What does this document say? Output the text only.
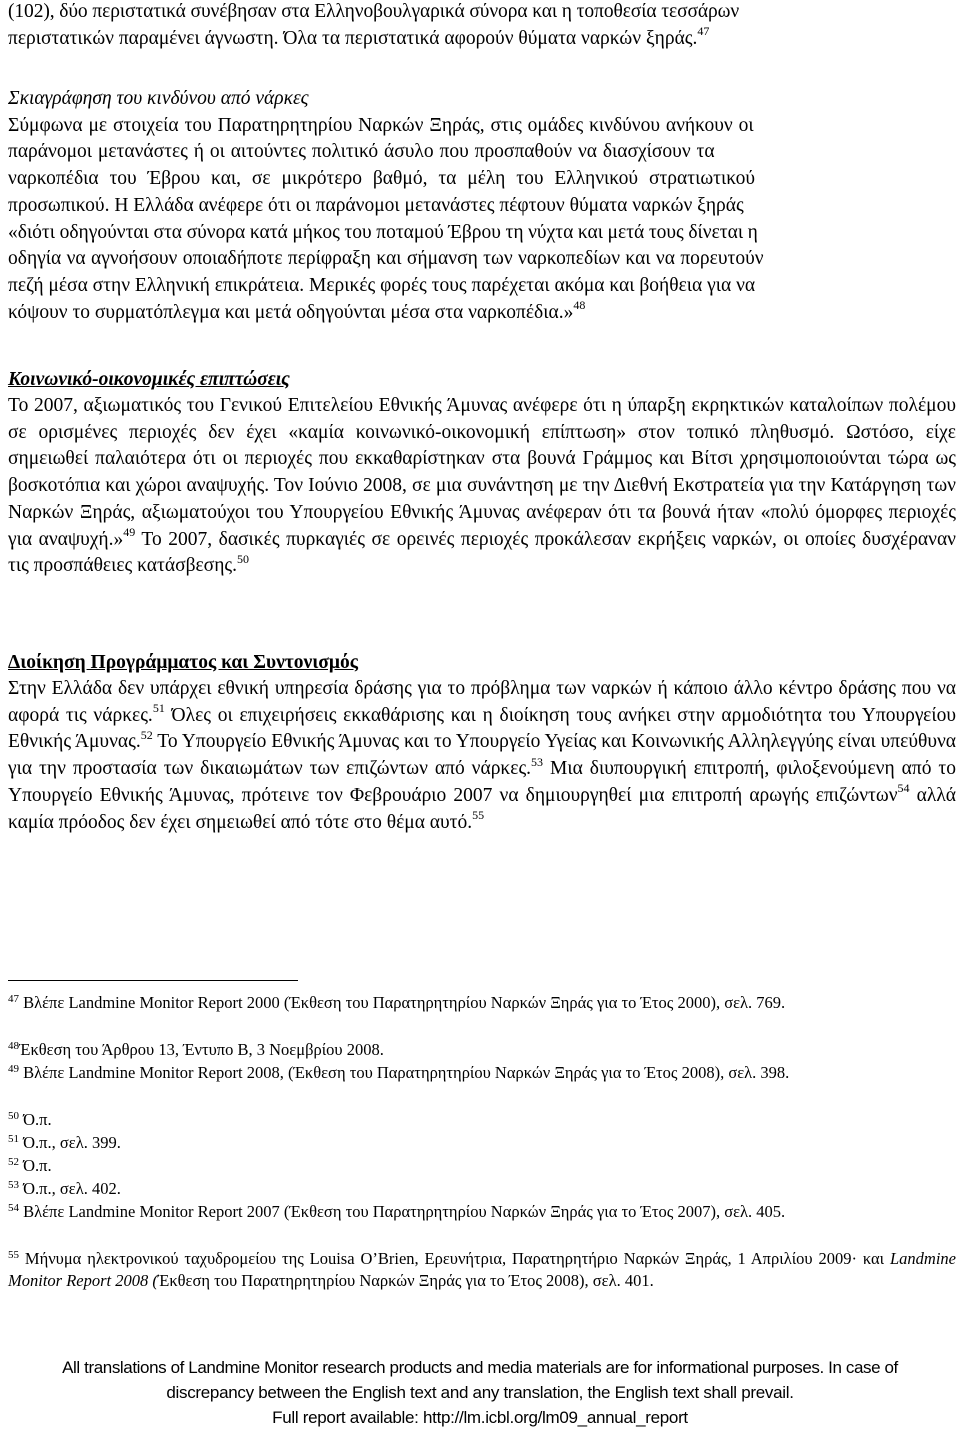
(102), δύο περιστατικά συνέβησαν στα Ελληνοβουλγαρικά σύνορα και η τοποθεσία τεσσάρων
περιστατικών παραμένει άγνωστη. Όλα τα περιστατικά αφορούν θύματα ναρκών ξηράς.$^{47}$
Σκιαγράφηση του κινδύνου από νάρκες
Σύμφωνα με στοιχεία του Παρατηρητηρίου Ναρκών Ξηράς, στις ομάδες κινδύνου ανήκουν οι
παράνομοι μετανάστες ή οι αιτούντες πολιτικό άσυλο που προσπαθούν να διασχίσουν τα
ναρκοπέδια του Έβρου και, σε μικρότερο βαθμό, τα μέλη του Ελληνικού στρατιωτικού
προσωπικού. Η Ελλάδα ανέφερε ότι οι παράνομοι μετανάστες πέφτουν θύματα ναρκών ξηράς
«διότι οδηγούνται στα σύνορα κατά μήκος του ποταμού Έβρου τη νύχτα και μετά τους δίνεται η
οδηγία να αγνοήσουν οποιαδήποτε περίφραξη και σήμανση των ναρκοπεδίων και να πορευτούν
πεζή μέσα στην Ελληνική επικράτεια. Μερικές φορές τους παρέχεται ακόμα και βοήθεια για να
κόψουν το συρματόπλεγμα και μετά οδηγούνται μέσα στα ναρκοπέδια.»$^{48}$
Κοινωνικό-οικονομικές επιπτώσεις
Το 2007, αξιωματικός του Γενικού Επιτελείου Εθνικής Άμυνας ανέφερε ότι η ύπαρξη εκρηκτικών καταλοίπων πολέμου σε ορισμένες περιοχές δεν έχει «καμία κοινωνικό-οικονομική επίπτωση» στον τοπικό πληθυσμό. Ωστόσο, είχε σημειωθεί παλαιότερα ότι οι περιοχές που εκκαθαρίστηκαν στα βουνά Γράμμος και Βίτσι χρησιμοποιούνται τώρα ως βοσκοτόπια και χώροι αναψυχής. Τον Ιούνιο 2008, σε μια συνάντηση με την Διεθνή Εκστρατεία για την Κατάργηση των Ναρκών Ξηράς, αξιωματούχοι του Υπουργείου Εθνικής Άμυνας ανέφεραν ότι τα βουνά ήταν «πολύ όμορφες περιοχές για αναψυχή.»$^{49}$ Το 2007, δασικές πυρκαγιές σε ορεινές περιοχές προκάλεσαν εκρήξεις ναρκών, οι οποίες δυσχέραναν τις προσπάθειες κατάσβεσης.$^{50}$
Διοίκηση Προγράμματος και Συντονισμός
Στην Ελλάδα δεν υπάρχει εθνική υπηρεσία δράσης για το πρόβλημα των ναρκών ή κάποιο άλλο κέντρο δράσης που να αφορά τις νάρκες.$^{51}$ Όλες οι επιχειρήσεις εκκαθάρισης και η διοίκηση τους ανήκει στην αρμοδιότητα του Υπουργείου Εθνικής Άμυνας.$^{52}$ Το Υπουργείο Εθνικής Άμυνας και το Υπουργείο Υγείας και Κοινωνικής Αλληλεγγύης είναι υπεύθυνα για την προστασία των δικαιωμάτων των επιζώντων από νάρκες.$^{53}$ Μια διυπουργική επιτροπή, φιλοξενούμενη από το Υπουργείο Εθνικής Άμυνας, πρότεινε τον Φεβρουάριο 2007 να δημιουργηθεί μια επιτροπή αρωγής επιζώντων$^{54}$ αλλά καμία πρόοδος δεν έχει σημειωθεί από τότε στο θέμα αυτό.$^{55}$
$^{47}$ Βλέπε Landmine Monitor Report 2000 (Έκθεση του Παρατηρητηρίου Ναρκών Ξηράς για το Έτος 2000), σελ. 769.
$^{48}$Έκθεση του Άρθρου 13, Έντυπο Β, 3 Νοεμβρίου 2008.
$^{49}$ Βλέπε Landmine Monitor Report 2008, (Έκθεση του Παρατηρητηρίου Ναρκών Ξηράς για το Έτος 2008), σελ. 398.
$^{50}$ Ό.π.
$^{51}$ Ό.π., σελ. 399.
$^{52}$ Ό.π.
$^{53}$ Ό.π., σελ. 402.
$^{54}$ Βλέπε Landmine Monitor Report 2007 (Έκθεση του Παρατηρητηρίου Ναρκών Ξηράς για το Έτος 2007), σελ. 405.
$^{55}$ Μήνυμα ηλεκτρονικού ταχυδρομείου της Louisa O’Brien, Ερευνήτρια, Παρατηρητήριο Ναρκών Ξηράς, 1 Απριλίου 2009· και Landmine Monitor Report 2008 (Έκθεση του Παρατηρητηρίου Ναρκών Ξηράς για το Έτος 2008), σελ. 401.
All translations of Landmine Monitor research products and media materials are for informational purposes. In case of
discrepancy between the English text and any translation, the English text shall prevail.
Full report available: http://lm.icbl.org/lm09_annual_report
